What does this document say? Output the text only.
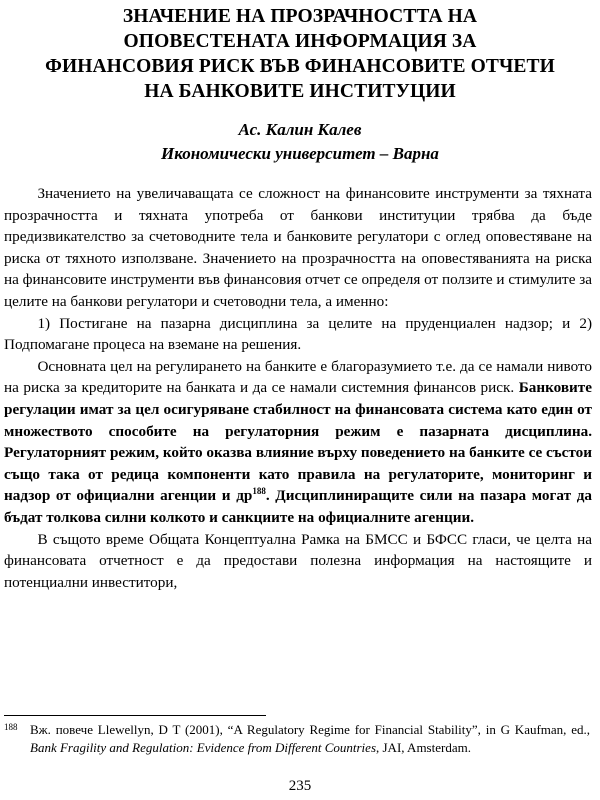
ЗНАЧЕНИЕ НА ПРОЗРАЧНОСТТА НА
ОПОВЕСТЕНАТА ИНФОРМАЦИЯ ЗА
ФИНАНСОВИЯ РИСК ВЪВ ФИНАНСОВИТЕ ОТЧЕТИ
НА БАНКОВИТЕ ИНСТИТУЦИИ
Ас. Калин Калев
Икономически университет – Варна

Значението на увеличаващата се сложност на финансовите инструменти за тяхната прозрачността и тяхната употреба от банкови институции трябва да бъде предизвикателство за счетоводните тела и банковите регулатори с оглед оповестяване на риска от тяхното използване. Значението на прозрачността на оповестяванията на риска на финансовите инструменти във финансовия отчет се определя от ползите и стимулите за целите на банкови регулатори и счетоводни тела, а именно:

1) Постигане на пазарна дисциплина за целите на пруденциален надзор; и 2) Подпомагане процеса на вземане на решения.

Основната цел на регулирането на банките е благоразумието т.е. да се намали нивото на риска за кредиторите на банката и да се намали системния финансов риск. Банковите регулации имат за цел осигуряване стабилност на финансовата система като един от множеството способите на регулаторния режим е пазарната дисциплина. Регулаторният режим, който оказва влияние върху поведението на банките се състои също така от редица компоненти като правила на регулаторите, мониторинг и надзор от официални агенции и $др^{188}$. Дисциплиниращите сили на пазара могат да бъдат толкова силни колкото и санкциите на официалните агенции.

В същото време Общата Концептуална Рамка на БМСС и БФСС гласи, че целта на финансовата отчетност е да предостави полезна информация на настоящите и потенциални инвеститори,

188 Вж. повече Llewellyn, D T (2001), “A Regulatory Regime for Financial Stability”, in G Kaufman, ed., Bank Fragility and Regulation: Evidence from Different Countries, JAI, Amsterdam.
235
